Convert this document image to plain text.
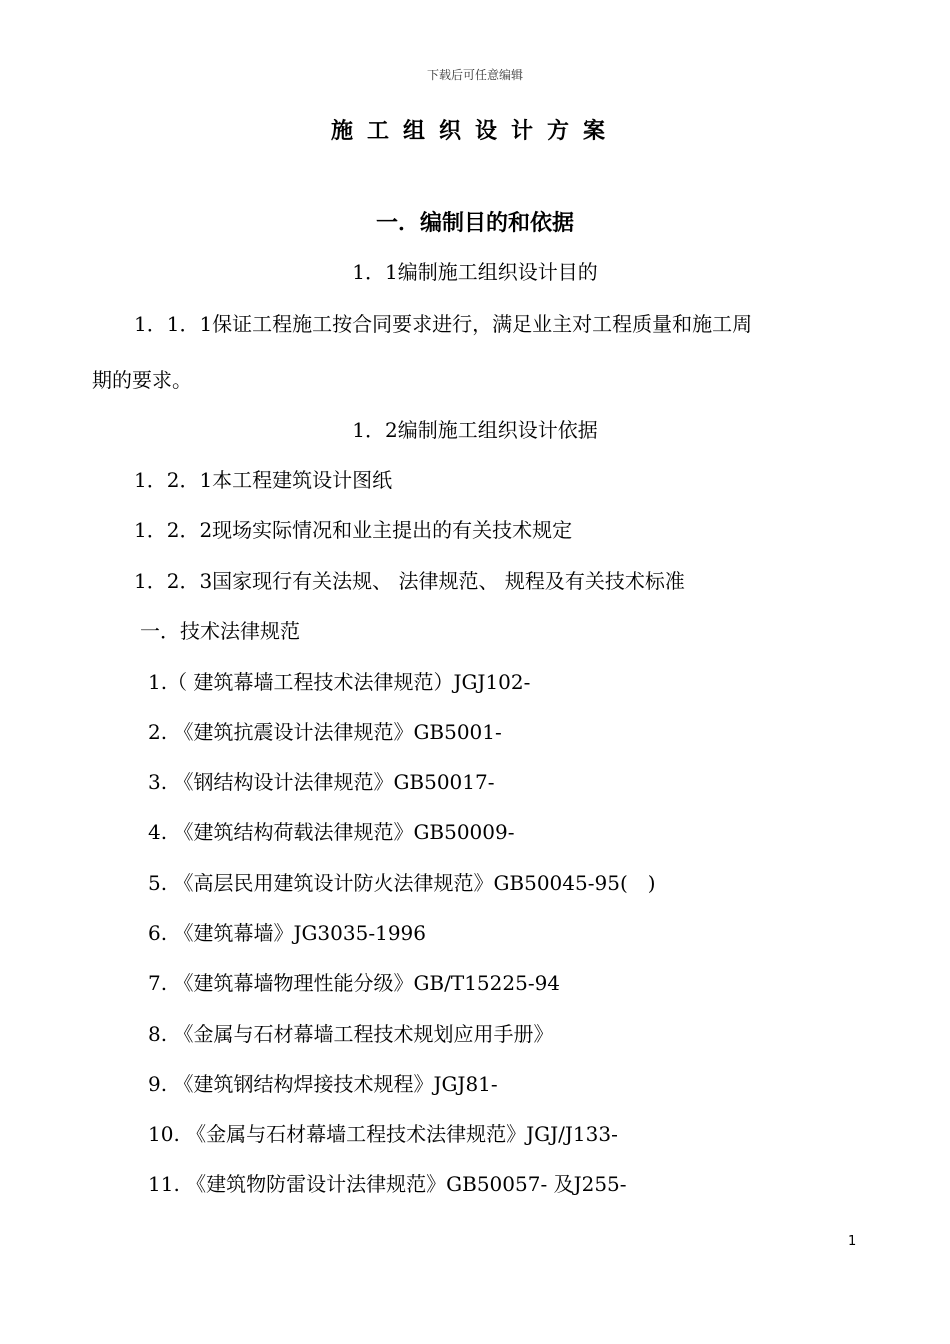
下载后可任意编辑
施工组织设计方案
一．编制目的和依据
1．1编制施工组织设计目的
1．1．1保证工程施工按合同要求进行，满足业主对工程质量和施工周
期的要求。
1．2编制施工组织设计依据
1．2．1本工程建筑设计图纸
1．2．2现场实际情况和业主提出的有关技术规定
1．2．3国家现行有关法规、 法律规范、 规程及有关技术标准
一．技术法律规范
1.（ 建筑幕墙工程技术法律规范）JGJ102-
2. 《建筑抗震设计法律规范》GB5001-
3. 《钢结构设计法律规范》GB50017-
4. 《建筑结构荷载法律规范》GB50009-
5. 《高层民用建筑设计防火法律规范》GB50045-95(　)
6. 《建筑幕墙》JG3035-1996
7. 《建筑幕墙物理性能分级》GB/T15225-94
8. 《金属与石材幕墙工程技术规划应用手册》
9. 《建筑钢结构焊接技术规程》JGJ81-
10. 《金属与石材幕墙工程技术法律规范》JGJ/J133-
11. 《建筑物防雷设计法律规范》GB50057- 及J255-
1
